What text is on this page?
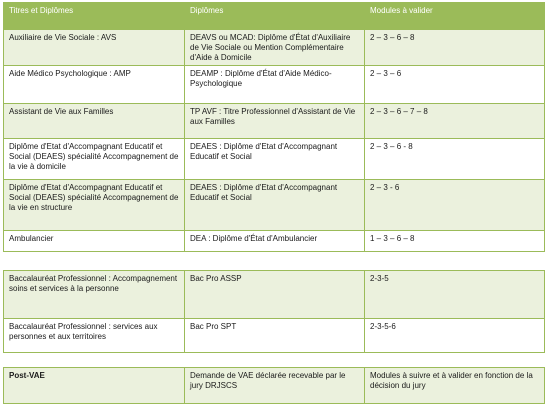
Titres et Diplômes	Diplômes	Modules à valider
Auxiliaire de Vie Sociale : AVS	DEAVS ou MCAD: Diplôme d'État d'Auxiliaire de Vie Sociale ou Mention Complémentaire d'Aide à Domicile	2 – 3 – 6 – 8
Aide Médico Psychologique : AMP	DEAMP : Diplôme d'État d'Aide Médico-Psychologique	2 – 3 – 6
Assistant de Vie aux Familles	TP AVF : Titre Professionnel d'Assistant de Vie aux Familles	2 – 3 – 6 – 7 – 8
Diplôme d'Etat d'Accompagnant Educatif et Social (DEAES) spécialité Accompagnement de la vie à domicile	DEAES : Diplôme d'Etat d'Accompagnant Educatif et Social	2 – 3 – 6 - 8
Diplôme d'Etat d'Accompagnant Educatif et Social (DEAES) spécialité Accompagnement de la vie en structure	DEAES : Diplôme d'Etat d'Accompagnant Educatif et Social	2 – 3 - 6
Ambulancier	DEA : Diplôme d'État d'Ambulancier	1 – 3 – 6 – 8
Baccalauréat Professionnel : Accompagnement soins et services à la personne	Bac Pro ASSP	2-3-5
Baccalauréat Professionnel : services aux personnes et aux territoires	Bac Pro SPT	2-3-5-6
Post-VAE	Demande de VAE déclarée recevable par le jury DRJSCS	Modules à suivre et à valider en fonction de la décision du jury
